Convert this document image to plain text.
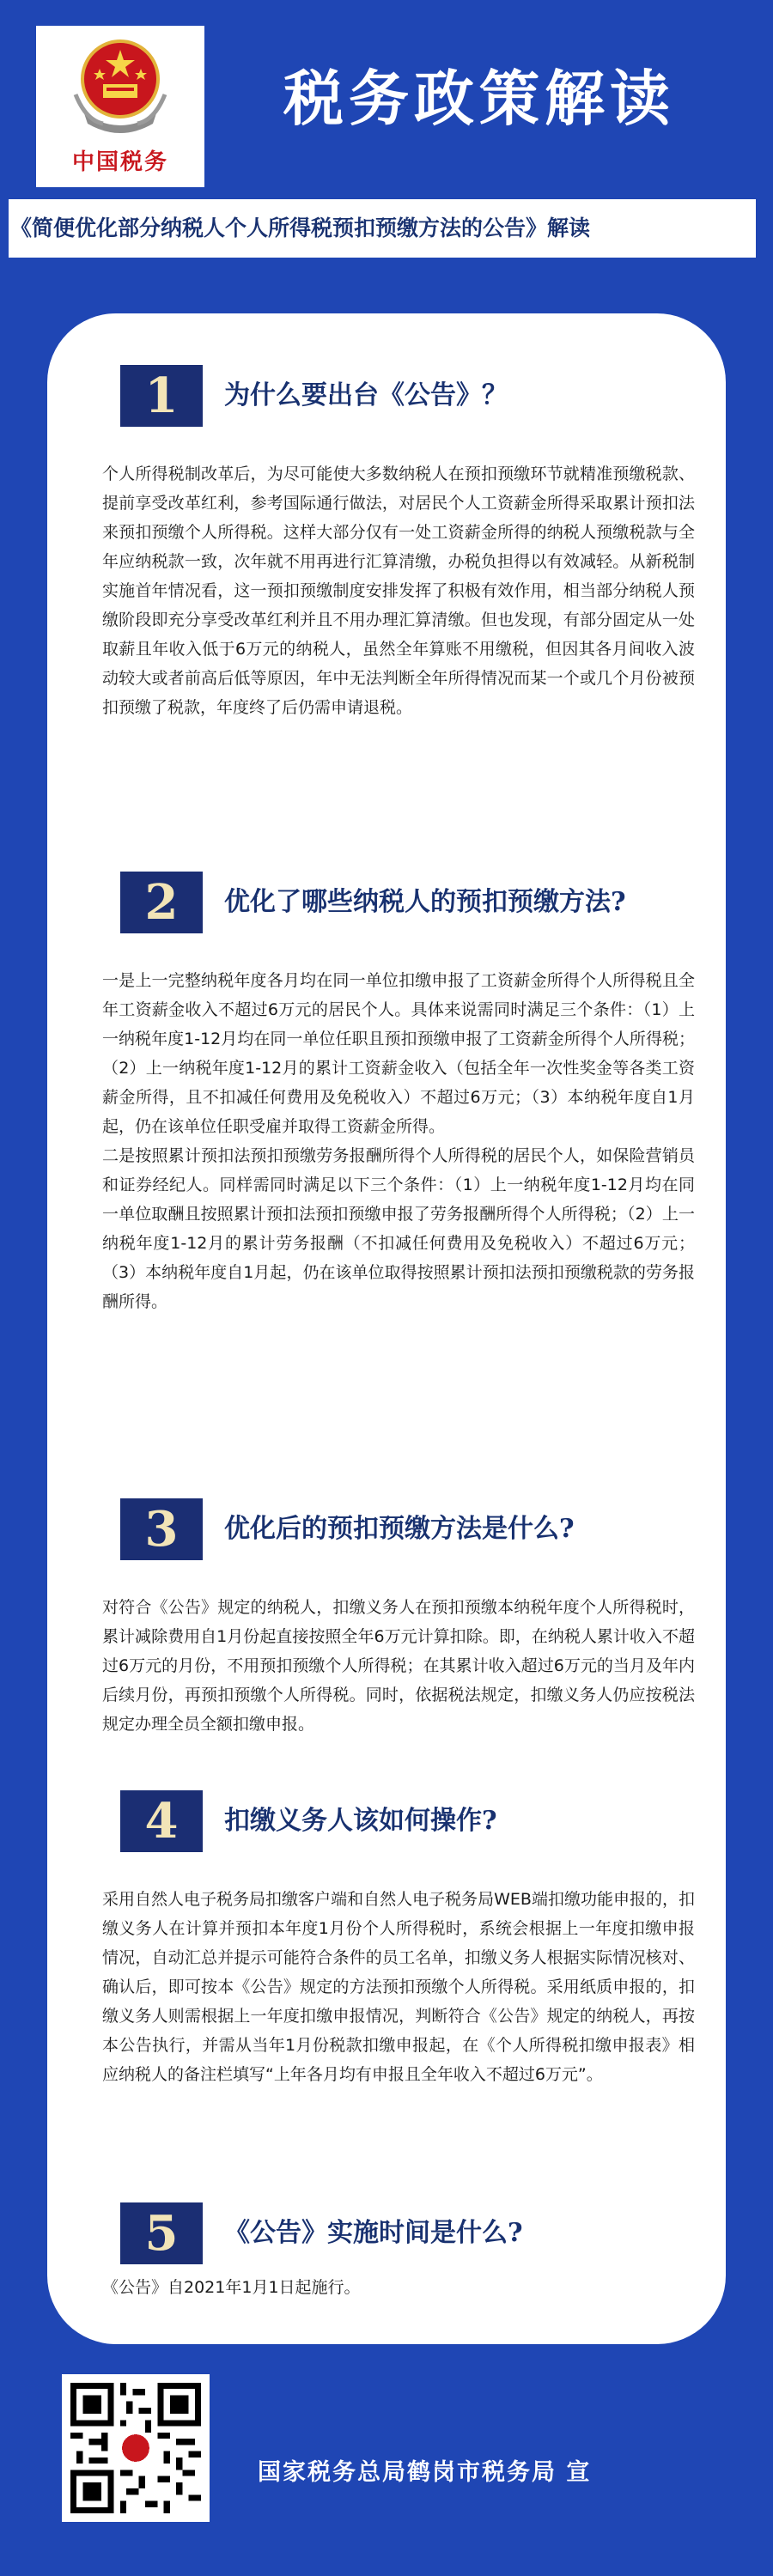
中国税务
税务政策解读
《简便优化部分纳税人个人所得税预扣预缴方法的公告》解读
1	为什么要出台《公告》？

个人所得税制改革后，为尽可能使大多数纳税人在预扣预缴环节就精准预缴税款、提前享受改革红利，参考国际通行做法，对居民个人工资薪金所得采取累计预扣法来预扣预缴个人所得税。这样大部分仅有一处工资薪金所得的纳税人预缴税款与全年应纳税款一致，次年就不用再进行汇算清缴，办税负担得以有效减轻。从新税制实施首年情况看，这一预扣预缴制度安排发挥了积极有效作用，相当部分纳税人预缴阶段即充分享受改革红利并且不用办理汇算清缴。但也发现，有部分固定从一处取薪且年收入低于6万元的纳税人，虽然全年算账不用缴税，但因其各月间收入波动较大或者前高后低等原因，年中无法判断全年所得情况而某一个或几个月份被预扣预缴了税款，年度终了后仍需申请退税。

2	优化了哪些纳税人的预扣预缴方法?

一是上一完整纳税年度各月均在同一单位扣缴申报了工资薪金所得个人所得税且全年工资薪金收入不超过6万元的居民个人。具体来说需同时满足三个条件：（1）上一纳税年度1-12月均在同一单位任职且预扣预缴申报了工资薪金所得个人所得税；（2）上一纳税年度1-12月的累计工资薪金收入（包括全年一次性奖金等各类工资薪金所得，且不扣减任何费用及免税收入）不超过6万元；（3）本纳税年度自1月起，仍在该单位任职受雇并取得工资薪金所得。

二是按照累计预扣法预扣预缴劳务报酬所得个人所得税的居民个人，如保险营销员和证券经纪人。同样需同时满足以下三个条件：（1）上一纳税年度1-12月均在同一单位取酬且按照累计预扣法预扣预缴申报了劳务报酬所得个人所得税；（2）上一纳税年度1-12月的累计劳务报酬（不扣减任何费用及免税收入）不超过6万元；（3）本纳税年度自1月起，仍在该单位取得按照累计预扣法预扣预缴税款的劳务报酬所得。

3	优化后的预扣预缴方法是什么?

对符合《公告》规定的纳税人，扣缴义务人在预扣预缴本纳税年度个人所得税时，累计减除费用自1月份起直接按照全年6万元计算扣除。即，在纳税人累计收入不超过6万元的月份，不用预扣预缴个人所得税；在其累计收入超过6万元的当月及年内后续月份，再预扣预缴个人所得税。同时，依据税法规定，扣缴义务人仍应按税法规定办理全员全额扣缴申报。

4	扣缴义务人该如何操作?

采用自然人电子税务局扣缴客户端和自然人电子税务局WEB端扣缴功能申报的，扣缴义务人在计算并预扣本年度1月份个人所得税时，系统会根据上一年度扣缴申报情况，自动汇总并提示可能符合条件的员工名单，扣缴义务人根据实际情况核对、确认后，即可按本《公告》规定的方法预扣预缴个人所得税。采用纸质申报的，扣缴义务人则需根据上一年度扣缴申报情况，判断符合《公告》规定的纳税人，再按本公告执行，并需从当年1月份税款扣缴申报起，在《个人所得税扣缴申报表》相应纳税人的备注栏填写“上年各月均有申报且全年收入不超过6万元”。

5	《公告》实施时间是什么?

《公告》自2021年1月1日起施行。

国家税务总局鹤岗市税务局 宣
